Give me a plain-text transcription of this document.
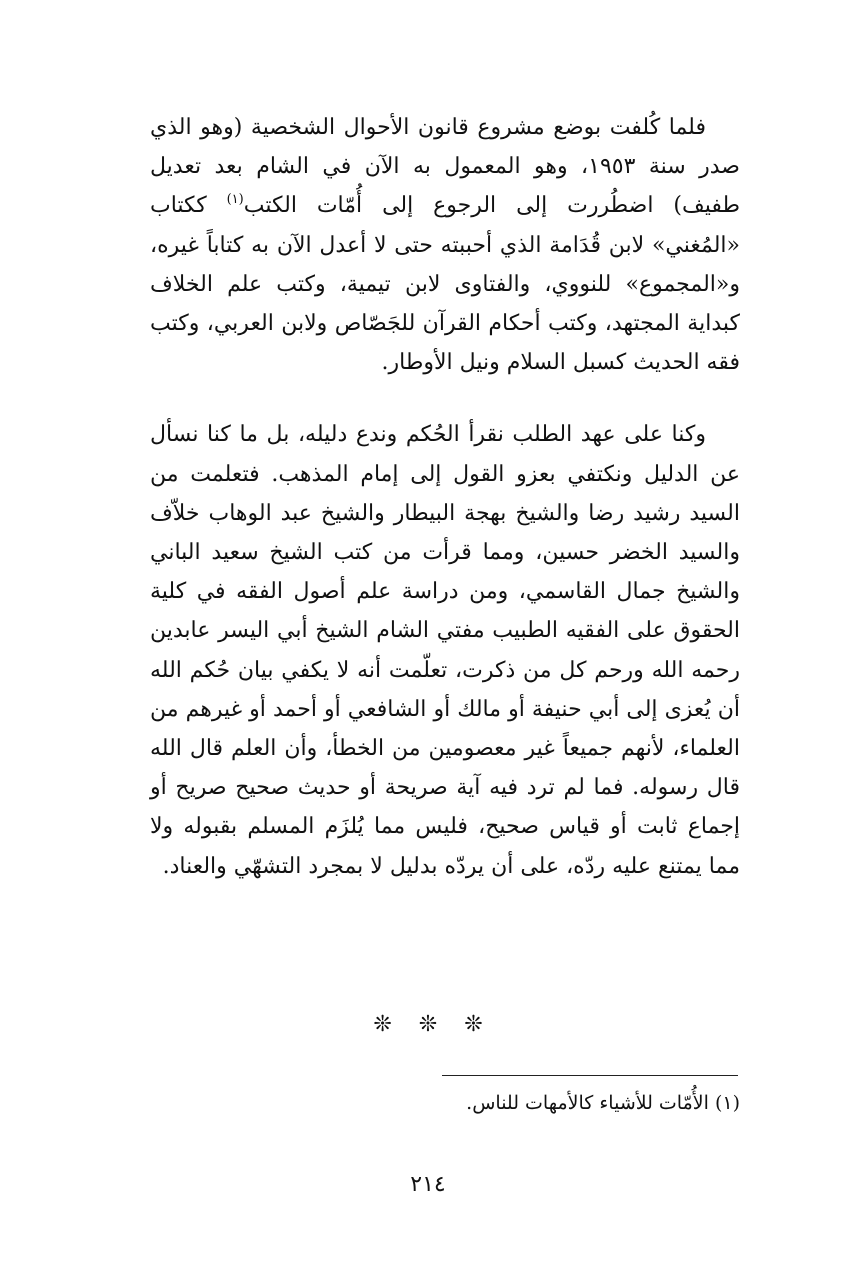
فلما كُلفت بوضع مشروع قانون الأحوال الشخصية (وهو الذي صدر سنة ١٩٥٣، وهو المعمول به الآن في الشام بعد تعديل طفيف) اضطُررت إلى الرجوع إلى أُمّات الكتب$^{(١)}$ ككتاب «المُغني» لابن قُدَامة الذي أحببته حتى لا أعدل الآن به كتاباً غيره، و«المجموع» للنووي، والفتاوى لابن تيمية، وكتب علم الخلاف كبداية المجتهد، وكتب أحكام القرآن للجَصّاص ولابن العربي، وكتب فقه الحديث كسبل السلام ونيل الأوطار.

وكنا على عهد الطلب نقرأ الحُكم وندع دليله، بل ما كنا نسأل عن الدليل ونكتفي بعزو القول إلى إمام المذهب. فتعلمت من السيد رشيد رضا والشيخ بهجة البيطار والشيخ عبد الوهاب خلاّف والسيد الخضر حسين، ومما قرأت من كتب الشيخ سعيد الباني والشيخ جمال القاسمي، ومن دراسة علم أصول الفقه في كلية الحقوق على الفقيه الطبيب مفتي الشام الشيخ أبي اليسر عابدين رحمه الله ورحم كل من ذكرت، تعلّمت أنه لا يكفي بيان حُكم الله أن يُعزى إلى أبي حنيفة أو مالك أو الشافعي أو أحمد أو غيرهم من العلماء، لأنهم جميعاً غير معصومين من الخطأ، وأن العلم قال الله قال رسوله. فما لم ترد فيه آية صريحة أو حديث صحيح صريح أو إجماع ثابت أو قياس صحيح، فليس مما يُلزَم المسلم بقبوله ولا مما يمتنع عليه ردّه، على أن يردّه بدليل لا بمجرد التشهّي والعناد.

❊ ❊ ❊
(١) الأُمّات للأشياء كالأمهات للناس.
٢١٤
